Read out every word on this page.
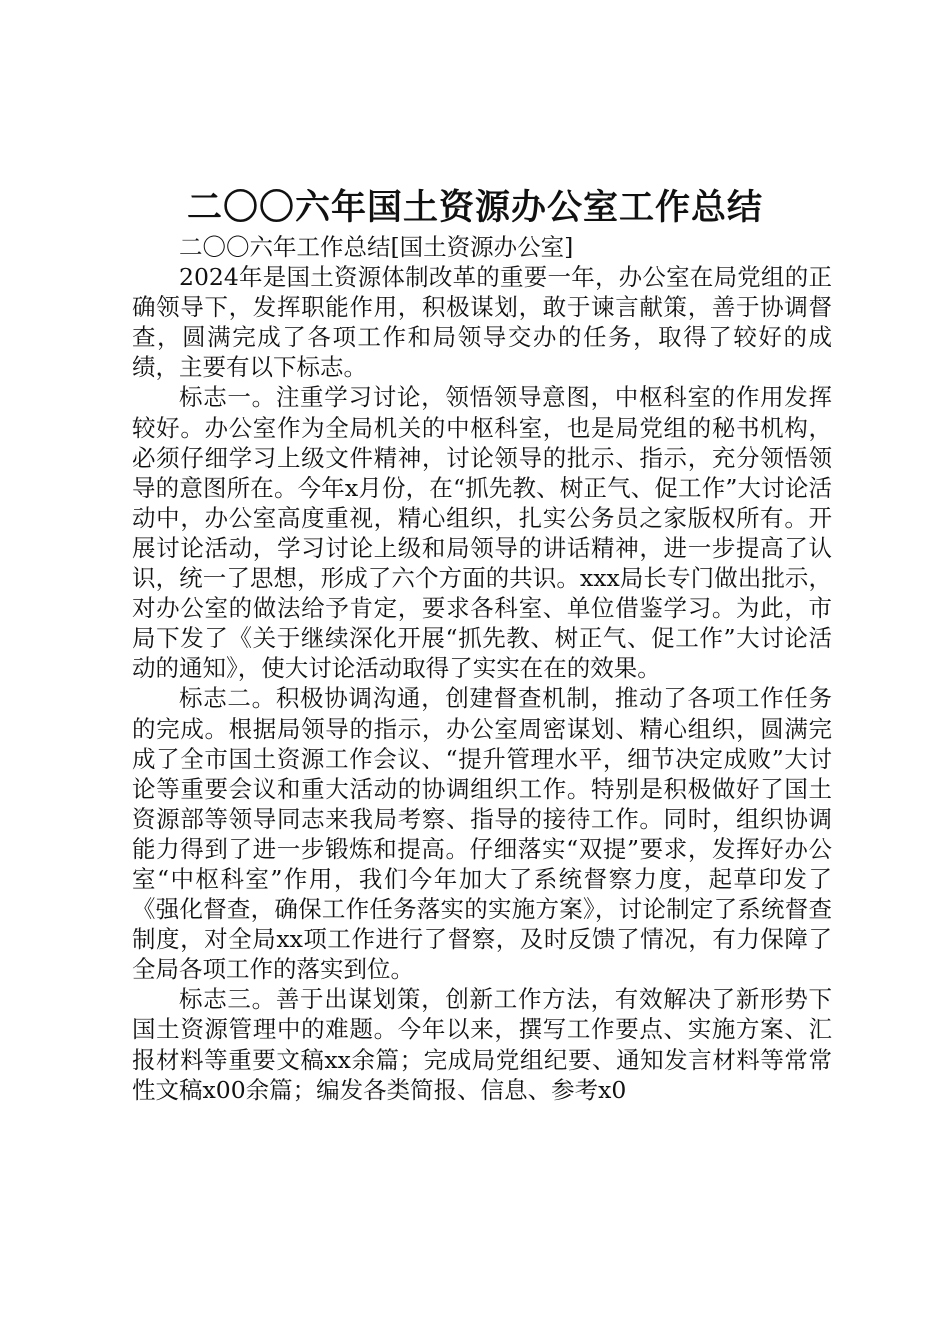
二〇〇六年国土资源办公室工作总结

二〇〇六年工作总结[国土资源办公室]

2024年是国土资源体制改革的重要一年，办公室在局党组的正确领导下，发挥职能作用，积极谋划，敢于谏言献策，善于协调督查，圆满完成了各项工作和局领导交办的任务，取得了较好的成绩，主要有以下标志。

标志一。注重学习讨论，领悟领导意图，中枢科室的作用发挥较好。办公室作为全局机关的中枢科室，也是局党组的秘书机构，必须仔细学习上级文件精神，讨论领导的批示、指示，充分领悟领导的意图所在。今年x月份，在“抓先教、树正气、促工作”大讨论活动中，办公室高度重视，精心组织，扎实公务员之家版权所有。开展讨论活动，学习讨论上级和局领导的讲话精神，进一步提高了认识，统一了思想，形成了六个方面的共识。xxx局长专门做出批示，对办公室的做法给予肯定，要求各科室、单位借鉴学习。为此，市局下发了《关于继续深化开展“抓先教、树正气、促工作”大讨论活动的通知》，使大讨论活动取得了实实在在的效果。

标志二。积极协调沟通，创建督查机制，推动了各项工作任务的完成。根据局领导的指示，办公室周密谋划、精心组织，圆满完成了全市国土资源工作会议、“提升管理水平，细节决定成败”大讨论等重要会议和重大活动的协调组织工作。特别是积极做好了国土资源部等领导同志来我局考察、指导的接待工作。同时，组织协调能力得到了进一步锻炼和提高。仔细落实“双提”要求，发挥好办公室“中枢科室”作用，我们今年加大了系统督察力度，起草印发了《强化督查，确保工作任务落实的实施方案》，讨论制定了系统督查制度，对全局xx项工作进行了督察，及时反馈了情况，有力保障了全局各项工作的落实到位。

标志三。善于出谋划策，创新工作方法，有效解决了新形势下国土资源管理中的难题。今年以来，撰写工作要点、实施方案、汇报材料等重要文稿xx余篇；完成局党组纪要、通知发言材料等常常性文稿x00余篇；编发各类简报、信息、参考x0
